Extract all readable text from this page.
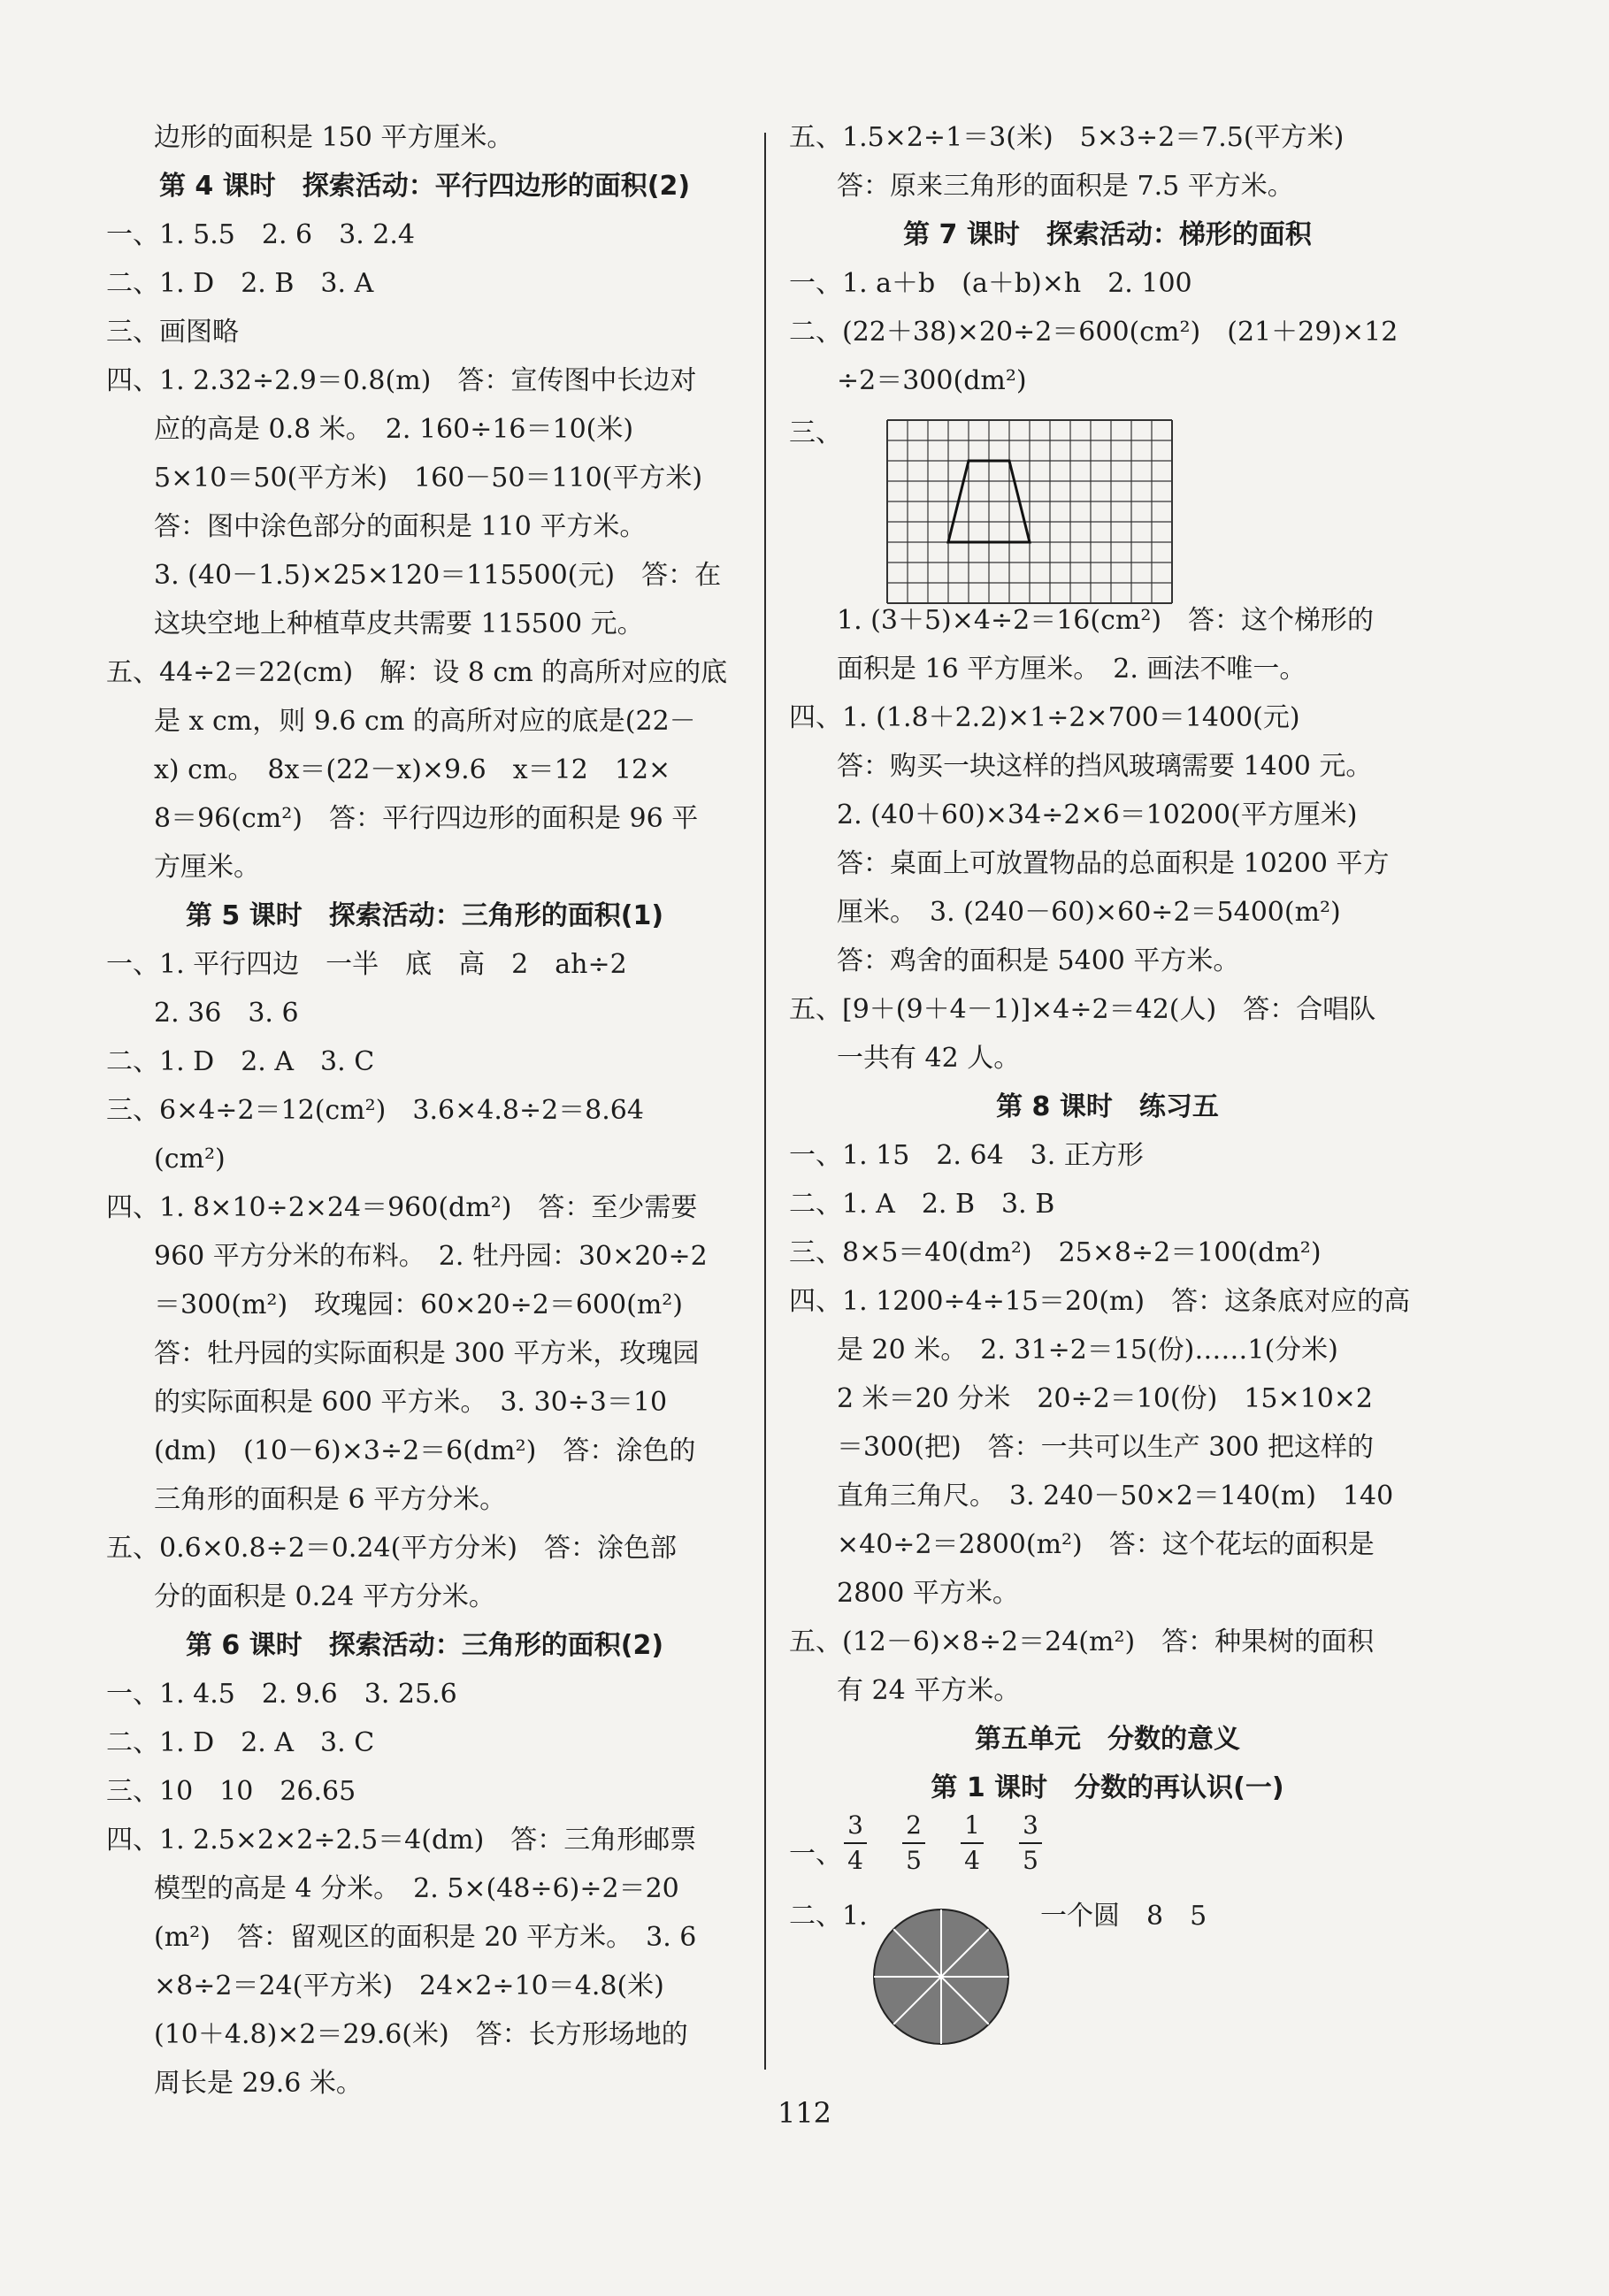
边形的面积是 150 平方厘米。
第 4 课时　探索活动：平行四边形的面积(2)
一、1. 5.5　2. 6　3. 2.4
二、1. D　2. B　3. A
三、画图略
四、1. 2.32÷2.9＝0.8(m)　答：宣传图中长边对
应的高是 0.8 米。　2. 160÷16＝10(米)
5×10＝50(平方米)　160－50＝110(平方米)
答：图中涂色部分的面积是 110 平方米。
3. (40－1.5)×25×120＝115500(元)　答：在
这块空地上种植草皮共需要 115500 元。
五、44÷2＝22(cm)　解：设 8 cm 的高所对应的底
是 x cm，则 9.6 cm 的高所对应的底是(22－
x) cm。　8x＝(22－x)×9.6　x＝12　12×
8＝96(cm²)　答：平行四边形的面积是 96 平
方厘米。
第 5 课时　探索活动：三角形的面积(1)
一、1. 平行四边　一半　底　高　2　ah÷2
2. 36　3. 6
二、1. D　2. A　3. C
三、6×4÷2＝12(cm²)　3.6×4.8÷2＝8.64
(cm²)
四、1. 8×10÷2×24＝960(dm²)　答：至少需要
960 平方分米的布料。　2. 牡丹园：30×20÷2
＝300(m²)　玫瑰园：60×20÷2＝600(m²)
答：牡丹园的实际面积是 300 平方米，玫瑰园
的实际面积是 600 平方米。　3. 30÷3＝10
(dm)　(10－6)×3÷2＝6(dm²)　答：涂色的
三角形的面积是 6 平方分米。
五、0.6×0.8÷2＝0.24(平方分米)　答：涂色部
分的面积是 0.24 平方分米。
第 6 课时　探索活动：三角形的面积(2)
一、1. 4.5　2. 9.6　3. 25.6
二、1. D　2. A　3. C
三、10　10　26.65
四、1. 2.5×2×2÷2.5＝4(dm)　答：三角形邮票
模型的高是 4 分米。　2. 5×(48÷6)÷2＝20
(m²)　答：留观区的面积是 20 平方米。　3. 6
×8÷2＝24(平方米)　24×2÷10＝4.8(米)
(10＋4.8)×2＝29.6(米)　答：长方形场地的
周长是 29.6 米。
五、1.5×2÷1＝3(米)　5×3÷2＝7.5(平方米)
答：原来三角形的面积是 7.5 平方米。
第 7 课时　探索活动：梯形的面积
一、1. a＋b　(a＋b)×h　2. 100
二、(22＋38)×20÷2＝600(cm²)　(21＋29)×12
÷2＝300(dm²)
三、
1. (3＋5)×4÷2＝16(cm²)　答：这个梯形的
面积是 16 平方厘米。　2. 画法不唯一。
四、1. (1.8＋2.2)×1÷2×700＝1400(元)
答：购买一块这样的挡风玻璃需要 1400 元。
2. (40＋60)×34÷2×6＝10200(平方厘米)
答：桌面上可放置物品的总面积是 10200 平方
厘米。　3. (240－60)×60÷2＝5400(m²)
答：鸡舍的面积是 5400 平方米。
五、[9＋(9＋4－1)]×4÷2＝42(人)　答：合唱队
一共有 42 人。
第 8 课时　练习五
一、1. 15　2. 64　3. 正方形
二、1. A　2. B　3. B
三、8×5＝40(dm²)　25×8÷2＝100(dm²)
四、1. 1200÷4÷15＝20(m)　答：这条底对应的高
是 20 米。　2. 31÷2＝15(份)……1(分米)
2 米＝20 分米　20÷2＝10(份)　15×10×2
＝300(把)　答：一共可以生产 300 把这样的
直角三角尺。　3. 240－50×2＝140(m)　140
×40÷2＝2800(m²)　答：这个花坛的面积是
2800 平方米。
五、(12－6)×8÷2＝24(m²)　答：种果树的面积
有 24 平方米。
第五单元　分数的意义
第 1 课时　分数的再认识(一)
一、 $\frac{3}{4} \frac{2}{5} \frac{1}{4} \frac{3}{5}$
二、1.	一个圆　8　5
112
